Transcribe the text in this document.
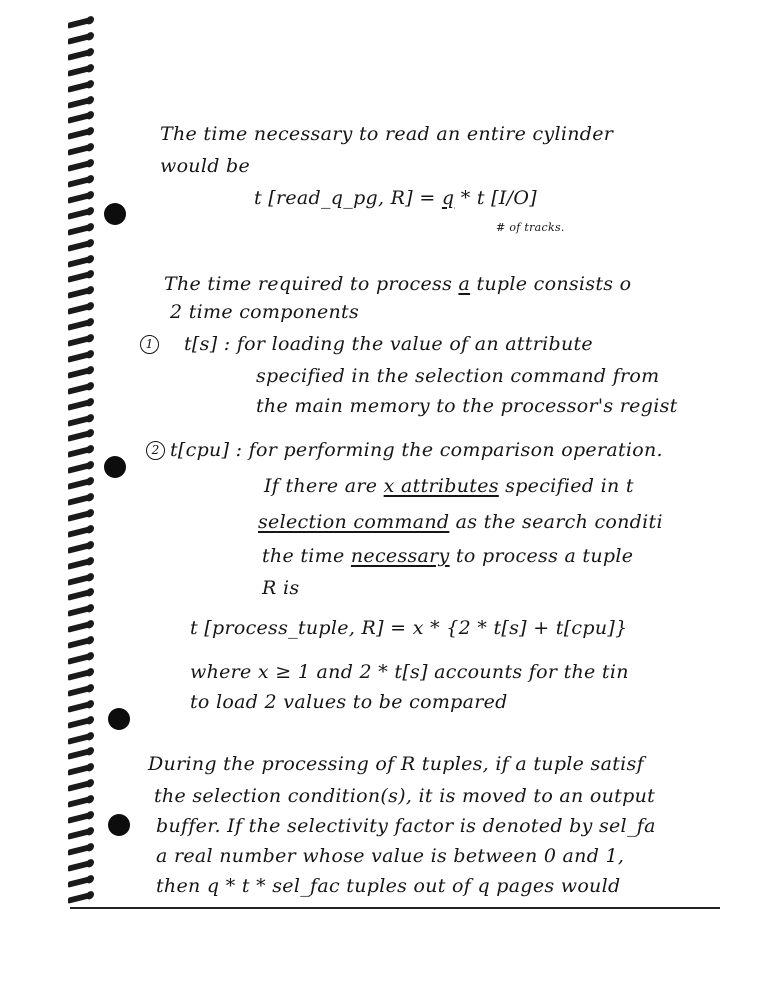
The time necessary to read an entire cylinder
would be
t [read_q_pg, R] = q * t [I/O]
# of tracks.
The time required to process a tuple consists o
2 time components
1 t[s] : for loading the value of an attribute
specified in the selection command from
the main memory to the processor's regist
2 t[cpu] : for performing the comparison operation.
If there are x attributes specified in t
selection command as the search conditi
the time necessary to process a tuple
R is
t [process_tuple, R] = x * {2 * t[s] + t[cpu]}
where x ≥ 1 and 2 * t[s] accounts for the tin
to load 2 values to be compared
During the processing of R tuples, if a tuple satisf
the selection condition(s), it is moved to an output
buffer. If the selectivity factor is denoted by sel_fa
a real number whose value is between 0 and 1,
then q * t * sel_fac tuples out of q pages would
